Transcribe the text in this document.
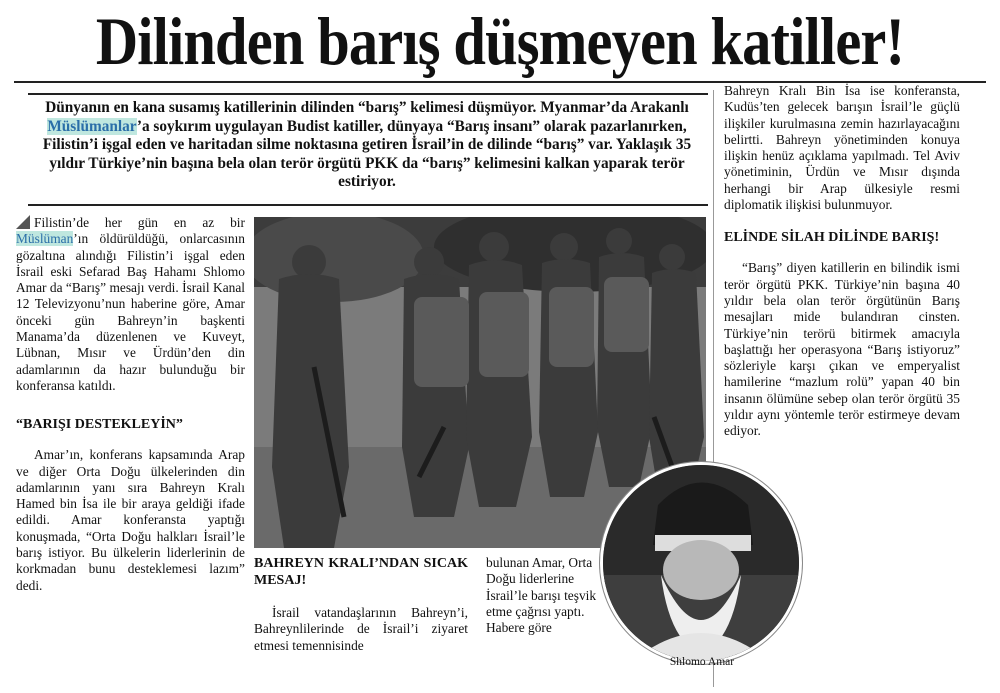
Dilinden barış düşmeyen katiller!
Dünyanın en kana susamış katillerinin dilinden “barış” kelimesi düşmüyor. Myanmar’da Arakanlı Müslümanlar’a soykırım uygulayan Budist katiller, dünyaya “Barış insanı” olarak pazarlanırken, Filistin’i işgal eden ve haritadan silme noktasına getiren İsrail’in de dilinde “barış” var. Yaklaşık 35 yıldır Türkiye’nin başına bela olan terör örgütü PKK da “barış” kelimesini kalkan yaparak terör estiriyor.

Filistin’de her gün en az bir Müslüman’ın öldürüldüğü, onlarcasının gözaltına alındığı Filistin’i işgal eden İsrail eski Sefarad Baş Hahamı Shlomo Amar da “Barış” mesajı verdi. İsrail Kanal 12 Televizyonu’nun haberine göre, Amar önceki gün Bahreyn’in başkenti Manama’da düzenlenen ve Kuveyt, Lübnan, Mısır ve Ürdün’den din adamlarının da hazır bulunduğu bir konferansa katıldı.

“BARIŞI DESTEKLEYİN”

Amar’ın, konferans kapsamında Arap ve diğer Orta Doğu ülkelerinden din adamlarının yanı sıra Bahreyn Kralı Hamed bin İsa ile bir araya geldiği ifade edildi. Amar konferansta yaptığı konuşmada, “Orta Doğu halkları İsrail’le barış istiyor. Bu ülkelerin liderlerinin de korkmadan bunu desteklemesi lazım” dedi.

BAHREYN KRALI’NDAN SICAK MESAJ!

İsrail vatandaşlarının Bahreyn’i, Bahreynlilerinde de İsrail’i ziyaret etmesi temennisinde

bulunan Amar, Orta Doğu liderlerine İsrail’le barışı teşvik etme çağrısı yaptı. Habere göre

Bahreyn Kralı Bin İsa ise konferansta, Kudüs’ten gelecek barışın İsrail’le güçlü ilişkiler kurulmasına zemin hazırlayacağını belirtti. Bahreyn yönetiminden konuya ilişkin henüz açıklama yapılmadı. Tel Aviv yönetiminin, Ürdün ve Mısır dışında herhangi bir Arap ülkesiyle resmi diplomatik ilişkisi bulunmuyor.

ELİNDE SİLAH DİLİNDE BARIŞ!

“Barış” diyen katillerin en bilindik ismi terör örgütü PKK. Türkiye’nin başına 40 yıldır bela olan terör örgütünün Barış mesajları mide bulandıran cinsten. Türkiye’nin terörü bitirmek amacıyla başlattığı her operasyona “Barış istiyoruz” sözleriyle karşı çıkan ve emperyalist hamilerine “mazlum rolü” yapan 40 bin insanın ölümüne sebep olan terör örgütü 35 yıldır aynı yöntemle terör estirmeye devam ediyor.

Shlomo Amar
